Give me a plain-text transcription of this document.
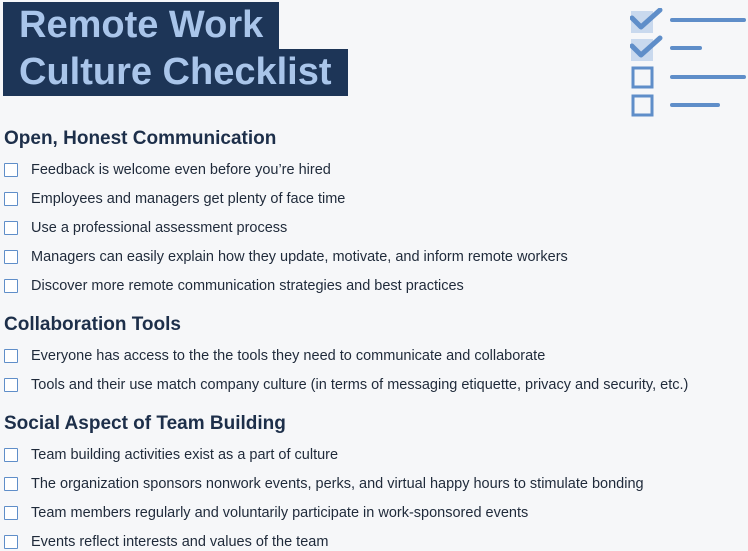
Remote Work
Culture Checklist
Open, Honest Communication
Feedback is welcome even before you’re hired
Employees and managers get plenty of face time
Use a professional assessment process
Managers can easily explain how they update, motivate, and inform remote workers
Discover more remote communication strategies and best practices
Collaboration Tools
Everyone has access to the the tools they need to communicate and collaborate
Tools and their use match company culture (in terms of messaging etiquette, privacy and security, etc.)
Social Aspect of Team Building
Team building activities exist as a part of culture
The organization sponsors nonwork events, perks, and virtual happy hours to stimulate bonding
Team members regularly and voluntarily participate in work-sponsored events
Events reflect interests and values of the team
